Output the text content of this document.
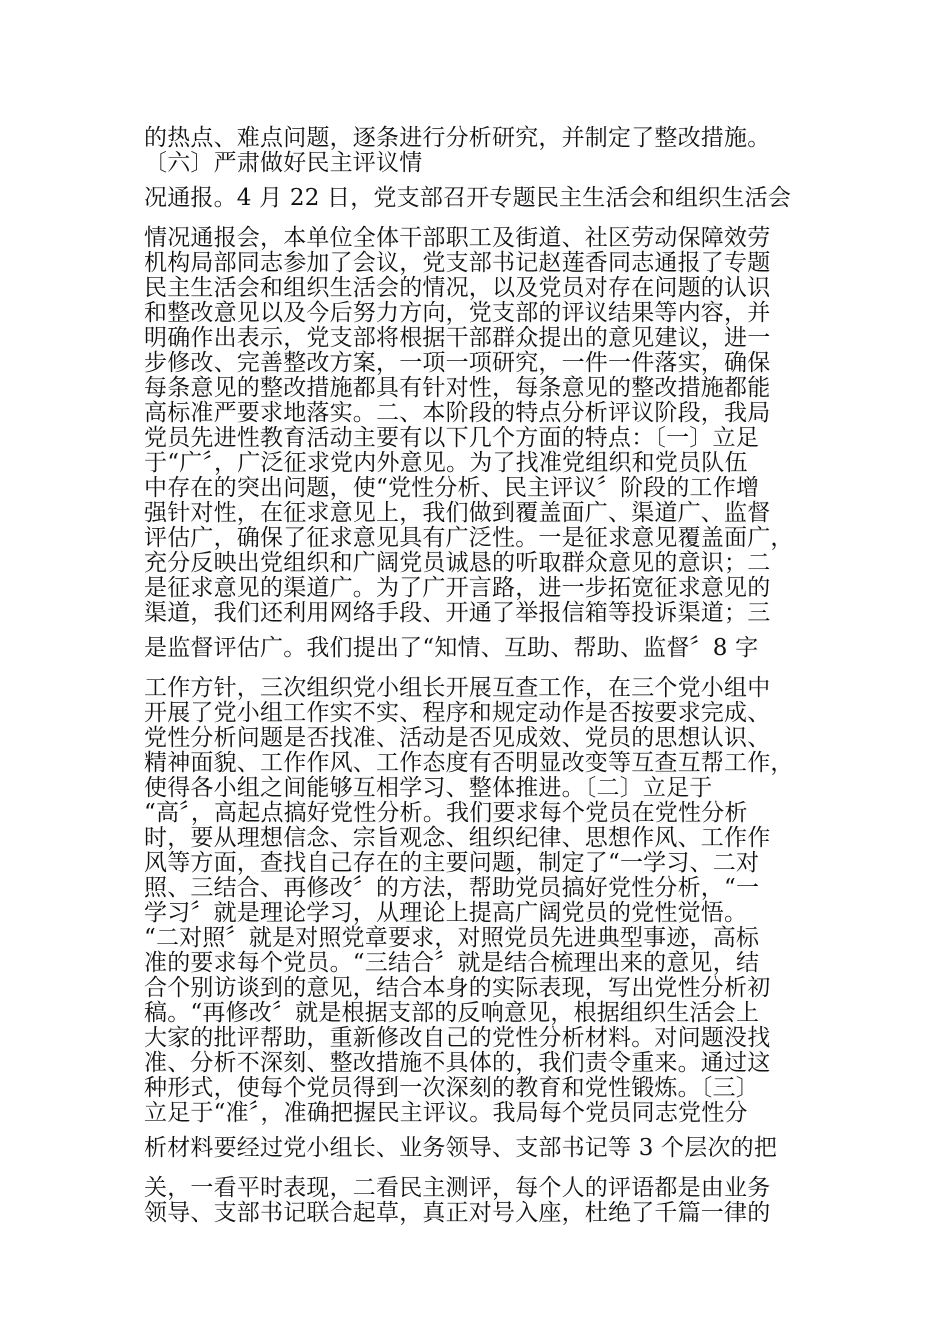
的热点、难点问题，逐条进行分析研究，并制定了整改措施。
〔六〕严肃做好民主评议情
况通报。4 月 22 日，党支部召开专题民主生活会和组织生活会
情况通报会，本单位全体干部职工及街道、社区劳动保障效劳
机构局部同志参加了会议，党支部书记赵莲香同志通报了专题
民主生活会和组织生活会的情况，以及党员对存在问题的认识
和整改意见以及今后努力方向，党支部的评议结果等内容，并
明确作出表示，党支部将根据干部群众提出的意见建议，进一
步修改、完善整改方案，一项一项研究，一件一件落实，确保
每条意见的整改措施都具有针对性，每条意见的整改措施都能
高标准严要求地落实。二、本阶段的特点分析评议阶段，我局
党员先进性教育活动主要有以下几个方面的特点：〔一〕立足
于“广〞，广泛征求党内外意见。为了找准党组织和党员队伍
中存在的突出问题，使“党性分析、民主评议〞阶段的工作增
强针对性，在征求意见上，我们做到覆盖面广、渠道广、监督
评估广，确保了征求意见具有广泛性。一是征求意见覆盖面广，
充分反映出党组织和广阔党员诚恳的听取群众意见的意识；二
是征求意见的渠道广。为了广开言路，进一步拓宽征求意见的
渠道，我们还利用网络手段、开通了举报信箱等投诉渠道；三
是监督评估广。我们提出了“知情、互助、帮助、监督〞8 字
工作方针，三次组织党小组长开展互查工作，在三个党小组中
开展了党小组工作实不实、程序和规定动作是否按要求完成、
党性分析问题是否找准、活动是否见成效、党员的思想认识、
精神面貌、工作作风、工作态度有否明显改变等互查互帮工作，
使得各小组之间能够互相学习、整体推进。〔二〕立足于
“高〞，高起点搞好党性分析。我们要求每个党员在党性分析
时，要从理想信念、宗旨观念、组织纪律、思想作风、工作作
风等方面，查找自己存在的主要问题，制定了“一学习、二对
照、三结合、再修改〞的方法，帮助党员搞好党性分析，“一
学习〞就是理论学习，从理论上提高广阔党员的党性觉悟。
“二对照〞就是对照党章要求，对照党员先进典型事迹，高标
准的要求每个党员。“三结合〞就是结合梳理出来的意见，结
合个别访谈到的意见，结合本身的实际表现，写出党性分析初
稿。“再修改〞就是根据支部的反响意见，根据组织生活会上
大家的批评帮助，重新修改自己的党性分析材料。对问题没找
准、分析不深刻、整改措施不具体的，我们责令重来。通过这
种形式，使每个党员得到一次深刻的教育和党性锻炼。〔三〕
立足于“准〞，准确把握民主评议。我局每个党员同志党性分
析材料要经过党小组长、业务领导、支部书记等 3 个层次的把
关，一看平时表现，二看民主测评，每个人的评语都是由业务
领导、支部书记联合起草，真正对号入座，杜绝了千篇一律的
